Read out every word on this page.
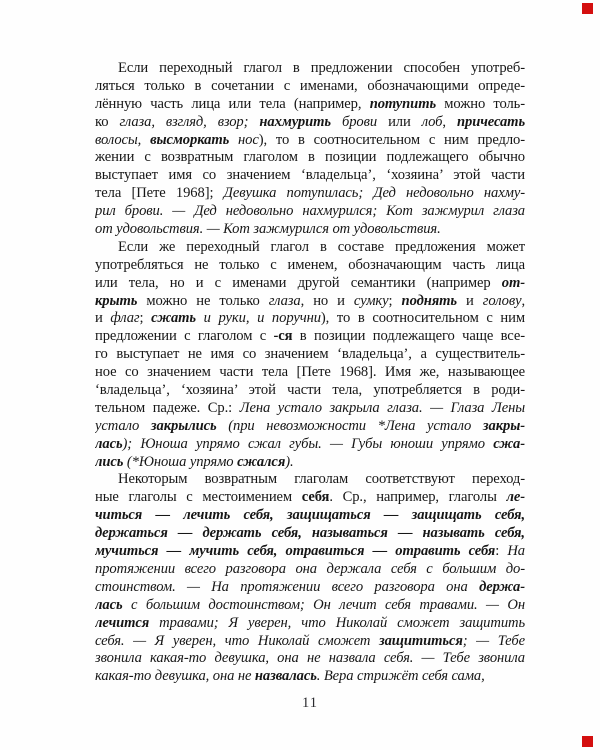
Если переходный глагол в предложении способен употреб-
ляться только в сочетании с именами, обозначающими опреде-
лённую часть лица или тела (например, потупить можно толь-
ко глаза, взгляд, взор; нахмурить брови или лоб, причесать
волосы, высморкать нос), то в соотносительном с ним предло-
жении с возвратным глаголом в позиции подлежащего обычно
выступает имя со значением ‘владельца’, ‘хозяина’ этой части
тела [Пете 1968]; Девушка потупилась; Дед недовольно нахму-
рил брови. — Дед недовольно нахмурился; Кот зажмурил глаза
от удовольствия. — Кот зажмурился от удовольствия.
Если же переходный глагол в составе предложения может
употребляться не только с именем, обозначающим часть лица
или тела, но и с именами другой семантики (например от-
крыть можно не только глаза, но и сумку; поднять и голову,
и флаг; сжать и руки, и поручни), то в соотносительном с ним
предложении с глаголом с -ся в позиции подлежащего чаще все-
го выступает не имя со значением ‘владельца’, а существитель-
ное со значением части тела [Пете 1968]. Имя же, называющее
‘владельца’, ‘хозяина’ этой части тела, употребляется в роди-
тельном падеже. Ср.: Лена устало закрыла глаза. — Глаза Лены
устало закрылись (при невозможности *Лена устало закры-
лась); Юноша упрямо сжал губы. — Губы юноши упрямо сжа-
лись (*Юноша упрямо сжался).
Некоторым возвратным глаголам соответствуют переход-
ные глаголы с местоимением себя. Ср., например, глаголы ле-
читься — лечить себя, защищаться — защищать себя,
держаться — держать себя, называться — называть себя,
мучиться — мучить себя, отравиться — отравить себя: На
протяжении всего разговора она держала себя с большим до-
стоинством. — На протяжении всего разговора она держа-
лась с большим достоинством; Он лечит себя травами. — Он
лечится травами; Я уверен, что Николай сможет защитить
себя. — Я уверен, что Николай сможет защититься; — Тебе
звонила какая-то девушка, она не назвала себя. — Тебе звонила
какая-то девушка, она не назвалась. Вера стрижёт себя сама,
11
